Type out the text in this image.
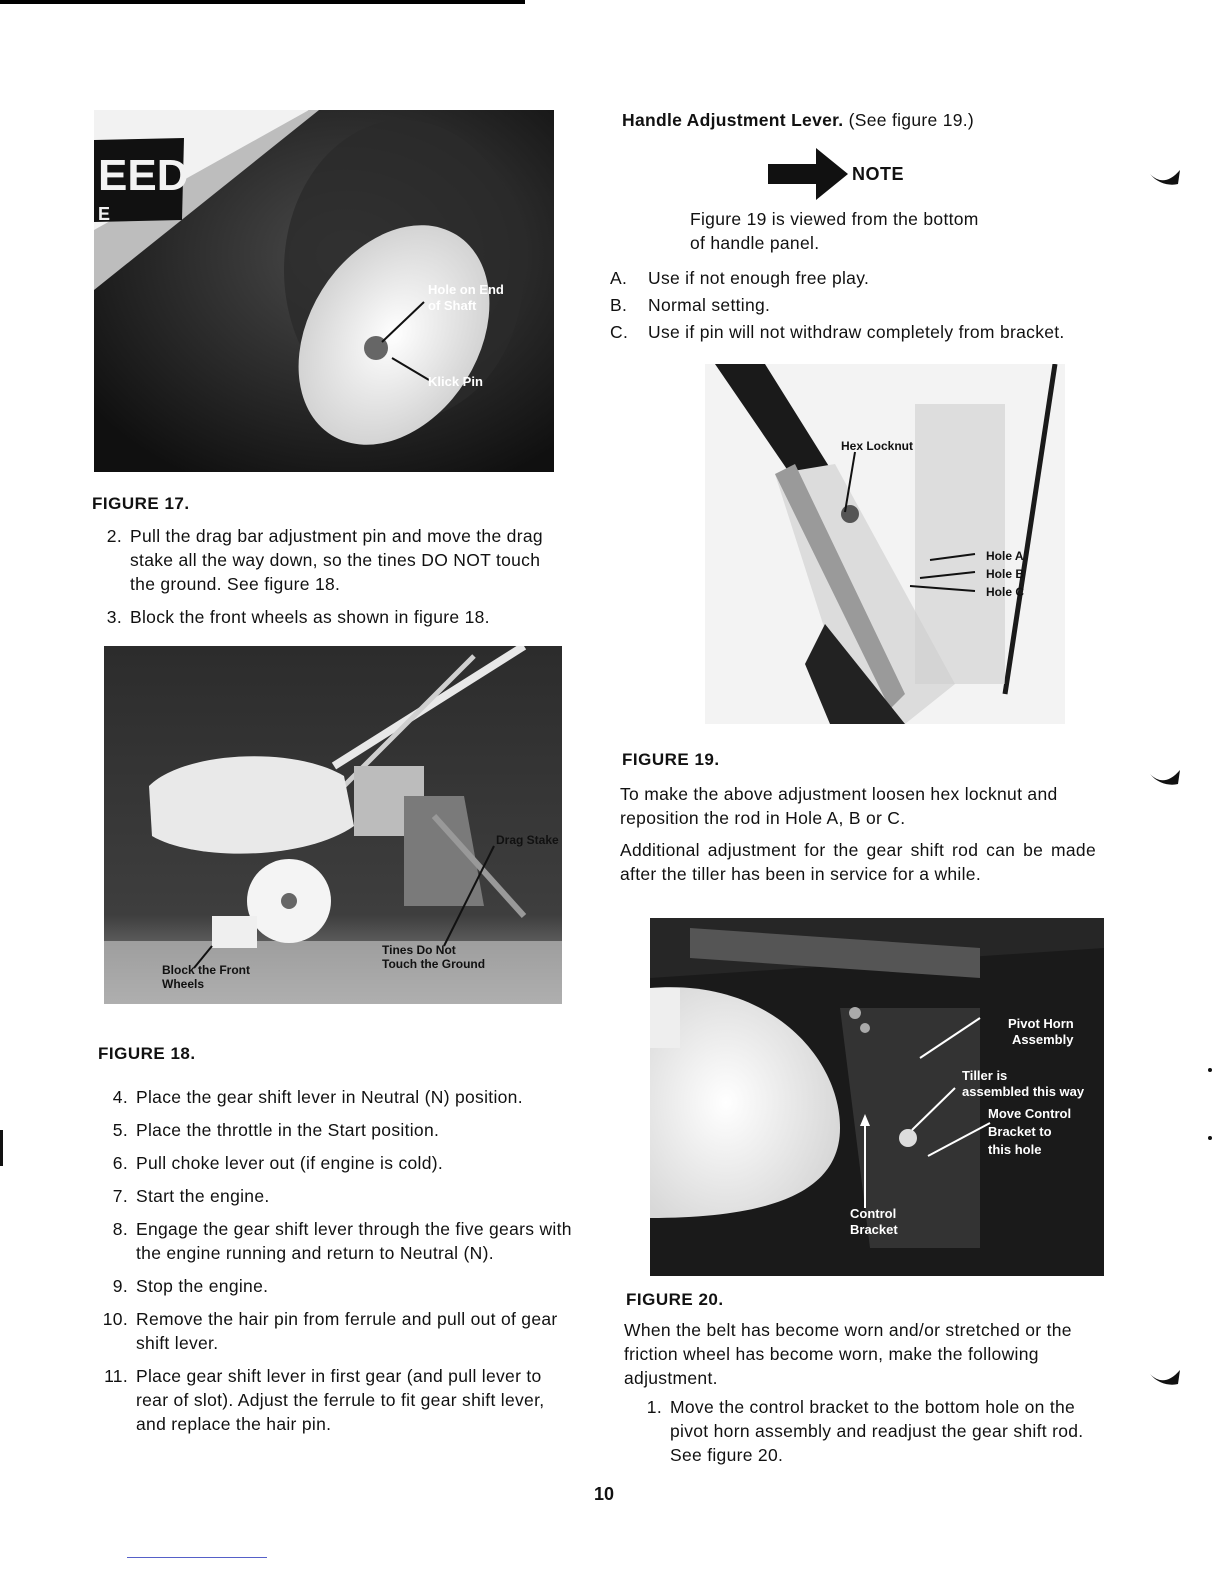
EED
E
Hole on End
of Shaft
Klick Pin
FIGURE 17.
2. Pull the drag bar adjustment pin and move the drag stake all the way down, so the tines DO NOT touch the ground. See figure 18.
3. Block the front wheels as shown in figure 18.
Block the Front
Wheels
Tines Do Not
Touch the Ground
Drag Stake
FIGURE 18.
4. Place the gear shift lever in Neutral (N) position.
5. Place the throttle in the Start position.
6. Pull choke lever out (if engine is cold).
7. Start the engine.
8. Engage the gear shift lever through the five gears with the engine running and return to Neutral (N).
9. Stop the engine.
10. Remove the hair pin from ferrule and pull out of gear shift lever.
11. Place gear shift lever in first gear (and pull lever to rear of slot). Adjust the ferrule to fit gear shift lever, and replace the hair pin.
Handle Adjustment Lever. (See figure 19.)
NOTE
Figure 19 is viewed from the bottom
of handle panel.
A.	Use if not enough free play.
B.	Normal setting.
C.	Use if pin will not withdraw completely from bracket.
Hex Locknut
Hole A
Hole B
Hole C
FIGURE 19.
To make the above adjustment loosen hex locknut and reposition the rod in Hole A, B or C.
Additional adjustment for the gear shift rod can be made after the tiller has been in service for a while.
Pivot Horn
Assembly
Tiller is
assembled this way
Move Control
Bracket to
this hole
Control
Bracket
FIGURE 20.
When the belt has become worn and/or stretched or the friction wheel has become worn, make the following adjustment.
1. Move the control bracket to the bottom hole on the pivot horn assembly and readjust the gear shift rod. See figure 20.
10
